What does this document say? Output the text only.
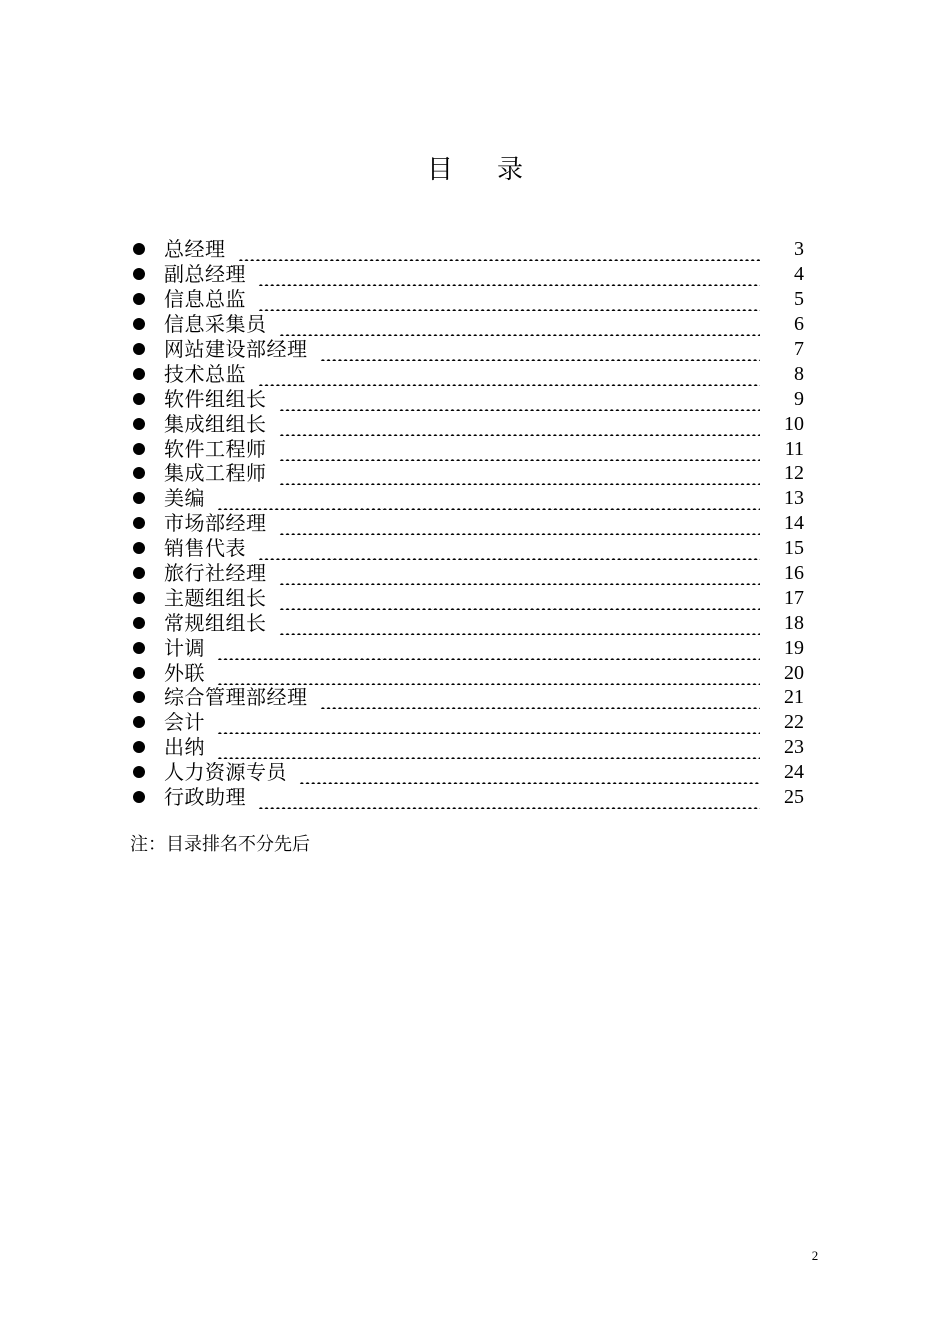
目录
总经理	3
副总经理	4
信息总监	5
信息采集员	6
网站建设部经理	7
技术总监	8
软件组组长	9
集成组组长	10
软件工程师	11
集成工程师	12
美编	13
市场部经理	14
销售代表	15
旅行社经理	16
主题组组长	17
常规组组长	18
计调	19
外联	20
综合管理部经理	21
会计	22
出纳	23
人力资源专员	24
行政助理	25
注：目录排名不分先后
2
